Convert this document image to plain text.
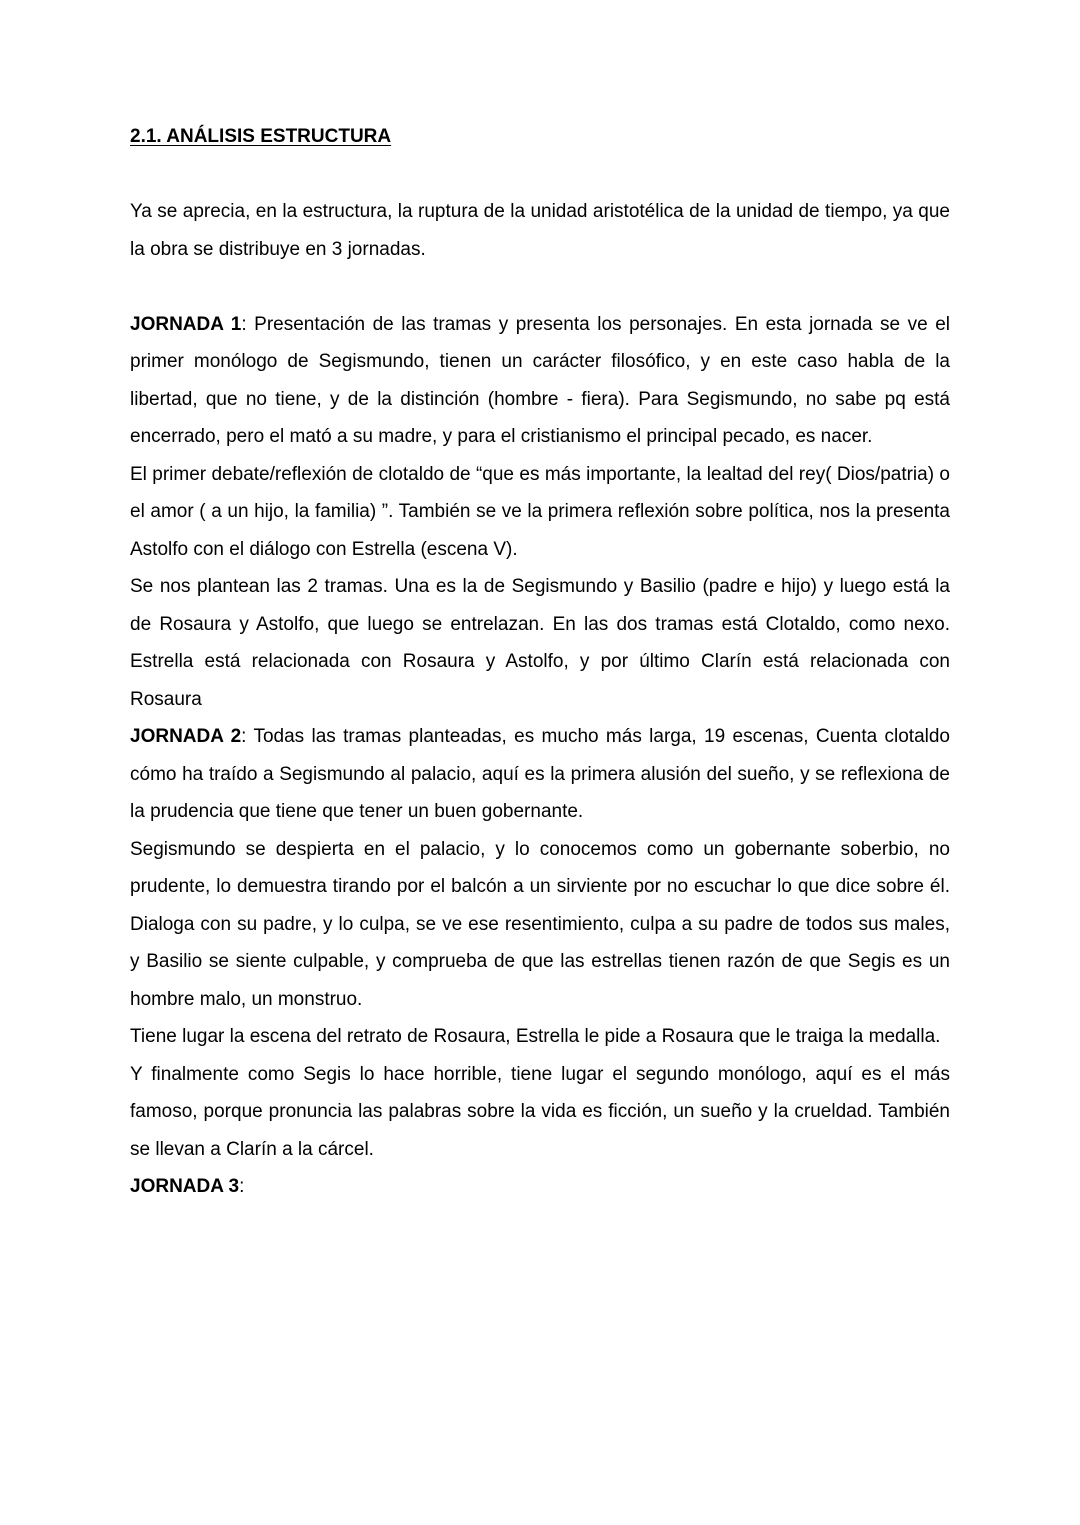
2.1. ANÁLISIS ESTRUCTURA

Ya se aprecia, en la estructura, la ruptura de la unidad aristotélica de la unidad de tiempo, ya que la obra se distribuye en 3 jornadas.

JORNADA 1: Presentación de las tramas y presenta los personajes. En esta jornada se ve el primer monólogo de Segismundo, tienen un carácter filosófico, y en este caso habla de la libertad, que no tiene, y de la distinción (hombre - fiera). Para Segismundo, no sabe pq está encerrado, pero el mató a su madre, y para el cristianismo el principal pecado, es nacer.

El primer debate/reflexión de clotaldo de “que es más importante, la lealtad del rey( Dios/patria) o el amor ( a un hijo, la familia) ”. También se ve la primera reflexión sobre política, nos la presenta Astolfo con el diálogo con Estrella (escena V).

Se nos plantean las 2 tramas. Una es la de Segismundo y Basilio (padre e hijo) y luego está la de Rosaura y Astolfo, que luego se entrelazan. En las dos tramas está Clotaldo, como nexo. Estrella está relacionada con Rosaura y Astolfo, y por último Clarín está relacionada con Rosaura

JORNADA 2: Todas las tramas planteadas, es mucho más larga, 19 escenas, Cuenta clotaldo cómo ha traído a Segismundo al palacio, aquí es la primera alusión del sueño, y se reflexiona de la prudencia que tiene que tener un buen gobernante.

Segismundo se despierta en el palacio, y lo conocemos como un gobernante soberbio, no prudente, lo demuestra tirando por el balcón a un sirviente por no escuchar lo que dice sobre él. Dialoga con su padre, y lo culpa, se ve ese resentimiento, culpa a su padre de todos sus males, y Basilio se siente culpable, y comprueba de que las estrellas tienen razón de que Segis es un hombre malo, un monstruo.

Tiene lugar la escena del retrato de Rosaura, Estrella le pide a Rosaura que le traiga la medalla.

Y finalmente como Segis lo hace horrible, tiene lugar el segundo monólogo, aquí es el más famoso, porque pronuncia las palabras sobre la vida es ficción, un sueño y la crueldad. También se llevan a Clarín a la cárcel.

JORNADA 3:
